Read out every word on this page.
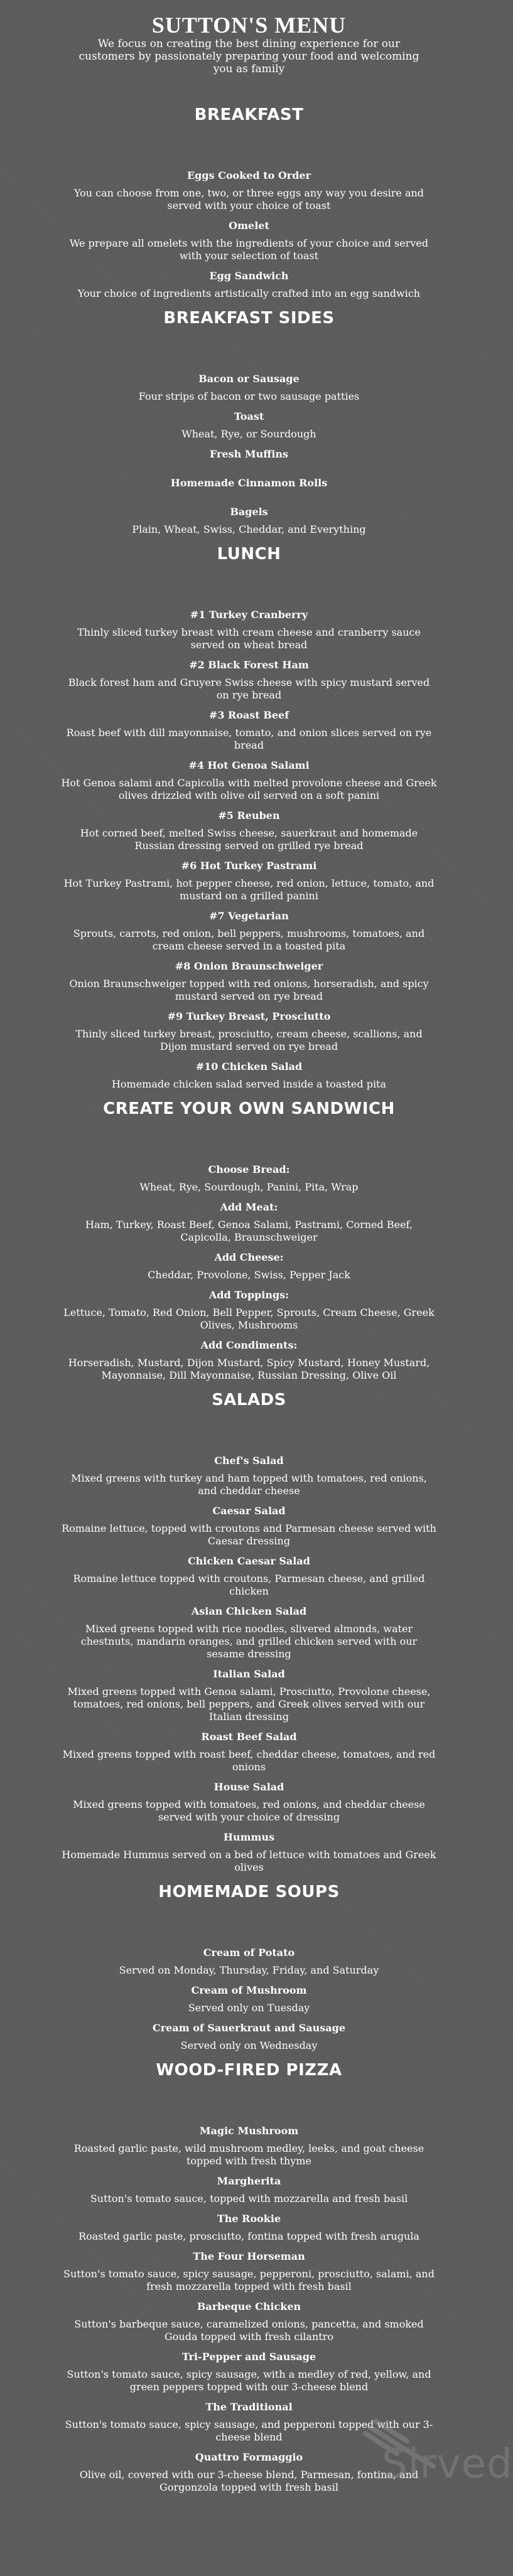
SUTTON'S MENU
We focus on creating the best dining experience for our customers by passionately preparing your food and welcoming you as family
BREAKFAST
Eggs Cooked to Order
You can choose from one, two, or three eggs any way you desire and served with your choice of toast
Omelet
We prepare all omelets with the ingredients of your choice and served with your selection of toast
Egg Sandwich
Your choice of ingredients artistically crafted into an egg sandwich
BREAKFAST SIDES
Bacon or Sausage
Four strips of bacon or two sausage patties
Toast
Wheat, Rye, or Sourdough
Fresh Muffins
Homemade Cinnamon Rolls
Bagels
Plain, Wheat, Swiss, Cheddar, and Everything
LUNCH
#1 Turkey Cranberry
Thinly sliced turkey breast with cream cheese and cranberry sauce served on wheat bread
#2 Black Forest Ham
Black forest ham and Gruyere Swiss cheese with spicy mustard served on rye bread
#3 Roast Beef
Roast beef with dill mayonnaise, tomato, and onion slices served on rye bread
#4 Hot Genoa Salami
Hot Genoa salami and Capicolla with melted provolone cheese and Greek olives drizzled with olive oil served on a soft panini
#5 Reuben
Hot corned beef, melted Swiss cheese, sauerkraut and homemade Russian dressing served on grilled rye bread
#6 Hot Turkey Pastrami
Hot Turkey Pastrami, hot pepper cheese, red onion, lettuce, tomato, and mustard on a grilled panini
#7 Vegetarian
Sprouts, carrots, red onion, bell peppers, mushrooms, tomatoes, and cream cheese served in a toasted pita
#8 Onion Braunschweiger
Onion Braunschweiger topped with red onions, horseradish, and spicy mustard served on rye bread
#9 Turkey Breast, Prosciutto
Thinly sliced turkey breast, prosciutto, cream cheese, scallions, and Dijon mustard served on rye bread
#10 Chicken Salad
Homemade chicken salad served inside a toasted pita
CREATE YOUR OWN SANDWICH
Choose Bread:
Wheat, Rye, Sourdough, Panini, Pita, Wrap
Add Meat:
Ham, Turkey, Roast Beef, Genoa Salami, Pastrami, Corned Beef, Capicolla, Braunschweiger
Add Cheese:
Cheddar, Provolone, Swiss, Pepper Jack
Add Toppings:
Lettuce, Tomato, Red Onion, Bell Pepper, Sprouts, Cream Cheese, Greek Olives, Mushrooms
Add Condiments:
Horseradish, Mustard, Dijon Mustard, Spicy Mustard, Honey Mustard, Mayonnaise, Dill Mayonnaise, Russian Dressing, Olive Oil
SALADS
Chef's Salad
Mixed greens with turkey and ham topped with tomatoes, red onions, and cheddar cheese
Caesar Salad
Romaine lettuce, topped with croutons and Parmesan cheese served with Caesar dressing
Chicken Caesar Salad
Romaine lettuce topped with croutons, Parmesan cheese, and grilled chicken
Asian Chicken Salad
Mixed greens topped with rice noodles, slivered almonds, water chestnuts, mandarin oranges, and grilled chicken served with our sesame dressing
Italian Salad
Mixed greens topped with Genoa salami, Prosciutto, Provolone cheese, tomatoes, red onions, bell peppers, and Greek olives served with our Italian dressing
Roast Beef Salad
Mixed greens topped with roast beef, cheddar cheese, tomatoes, and red onions
House Salad
Mixed greens topped with tomatoes, red onions, and cheddar cheese served with your choice of dressing
Hummus
Homemade Hummus served on a bed of lettuce with tomatoes and Greek olives
HOMEMADE SOUPS
Cream of Potato
Served on Monday, Thursday, Friday, and Saturday
Cream of Mushroom
Served only on Tuesday
Cream of Sauerkraut and Sausage
Served only on Wednesday
WOOD-FIRED PIZZA
Magic Mushroom
Roasted garlic paste, wild mushroom medley, leeks, and goat cheese topped with fresh thyme
Margherita
Sutton's tomato sauce, topped with mozzarella and fresh basil
The Rookie
Roasted garlic paste, prosciutto, fontina topped with fresh arugula
The Four Horseman
Sutton's tomato sauce, spicy sausage, pepperoni, prosciutto, salami, and fresh mozzarella topped with fresh basil
Barbeque Chicken
Sutton's barbeque sauce, caramelized onions, pancetta, and smoked Gouda topped with fresh cilantro
Tri-Pepper and Sausage
Sutton's tomato sauce, spicy sausage, with a medley of red, yellow, and green peppers topped with our 3-cheese blend
The Traditional
Sutton's tomato sauce, spicy sausage, and pepperoni topped with our 3-cheese blend
Quattro Formaggio
Olive oil, covered with our 3-cheese blend, Parmesan, fontina, and Gorgonzola topped with fresh basil	Sirved
